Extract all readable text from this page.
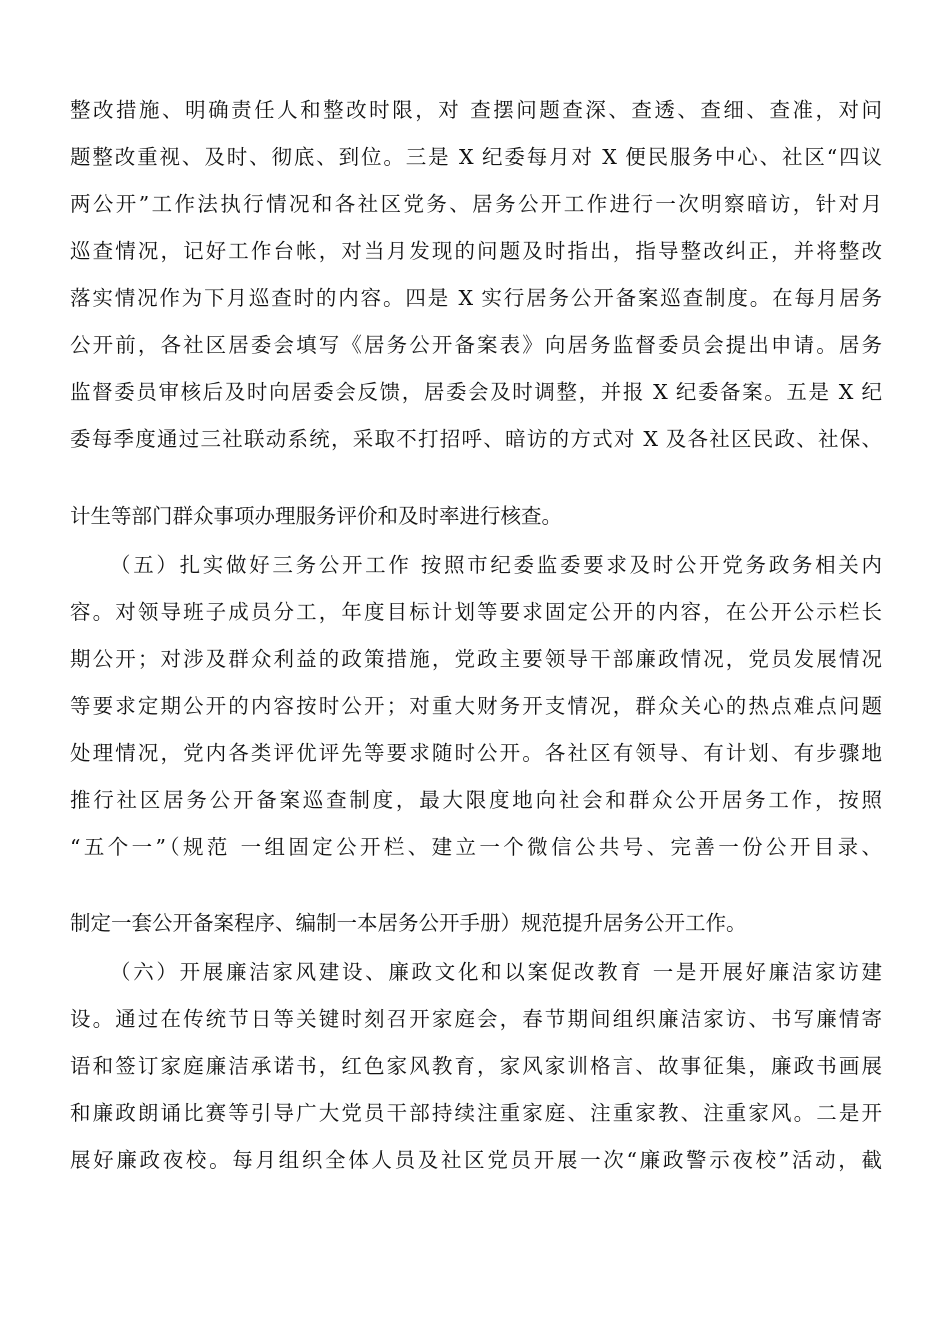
整改措施、明确责任人和整改时限，对 查摆问题查深、查透、查细、查准，对问
题整改重视、及时、彻底、到位。三是 X 纪委每月对 X 便民服务中心、社区“四议
两公开”工作法执行情况和各社区党务、居务公开工作进行一次明察暗访，针对月
巡查情况，记好工作台帐，对当月发现的问题及时指出，指导整改纠正，并将整改
落实情况作为下月巡查时的内容。四是 X 实行居务公开备案巡查制度。在每月居务
公开前，各社区居委会填写《居务公开备案表》向居务监督委员会提出申请。居务
监督委员审核后及时向居委会反馈，居委会及时调整，并报 X 纪委备案。五是 X 纪
委每季度通过三社联动系统，采取不打招呼、暗访的方式对 X 及各社区民政、社保、
计生等部门群众事项办理服务评价和及时率进行核查。
（五）扎实做好三务公开工作 按照市纪委监委要求及时公开党务政务相关内
容。对领导班子成员分工，年度目标计划等要求固定公开的内容，在公开公示栏长
期公开；对涉及群众利益的政策措施，党政主要领导干部廉政情况，党员发展情况
等要求定期公开的内容按时公开；对重大财务开支情况，群众关心的热点难点问题
处理情况，党内各类评优评先等要求随时公开。各社区有领导、有计划、有步骤地
推行社区居务公开备案巡查制度，最大限度地向社会和群众公开居务工作，按照
“五个一”（规范 一组固定公开栏、建立一个微信公共号、完善一份公开目录、
制定一套公开备案程序、编制一本居务公开手册）规范提升居务公开工作。
（六）开展廉洁家风建设、廉政文化和以案促改教育 一是开展好廉洁家访建
设。通过在传统节日等关键时刻召开家庭会，春节期间组织廉洁家访、书写廉情寄
语和签订家庭廉洁承诺书，红色家风教育，家风家训格言、故事征集，廉政书画展
和廉政朗诵比赛等引导广大党员干部持续注重家庭、注重家教、注重家风。二是开
展好廉政夜校。每月组织全体人员及社区党员开展一次“廉政警示夜校”活动，截
